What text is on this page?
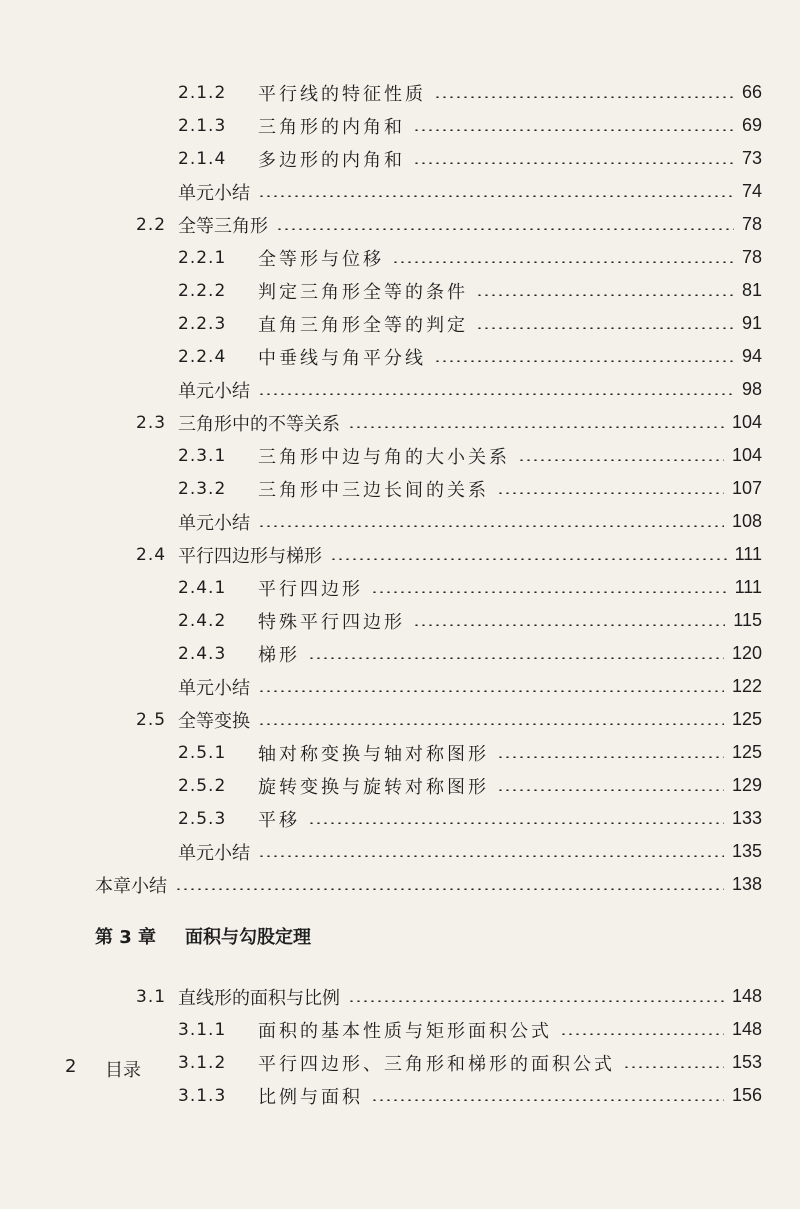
2.1.2 平行线的特征性质	66
2.1.3 三角形的内角和	69
2.1.4 多边形的内角和	73
单元小结	74
2.2 全等三角形	78
2.2.1 全等形与位移	78
2.2.2 判定三角形全等的条件	81
2.2.3 直角三角形全等的判定	91
2.2.4 中垂线与角平分线	94
单元小结	98
2.3 三角形中的不等关系	104
2.3.1 三角形中边与角的大小关系	104
2.3.2 三角形中三边长间的关系	107
单元小结	108
2.4 平行四边形与梯形	111
2.4.1 平行四边形	111
2.4.2 特殊平行四边形	115
2.4.3 梯形	120
单元小结	122
2.5 全等变换	125
2.5.1 轴对称变换与轴对称图形	125
2.5.2 旋转变换与旋转对称图形	129
2.5.3 平移	133
单元小结	135
本章小结	138
第 3 章 面积与勾股定理
3.1 直线形的面积与比例	148
3.1.1 面积的基本性质与矩形面积公式	148
3.1.2 平行四边形、三角形和梯形的面积公式	153
3.1.3 比例与面积	156
2 目录
